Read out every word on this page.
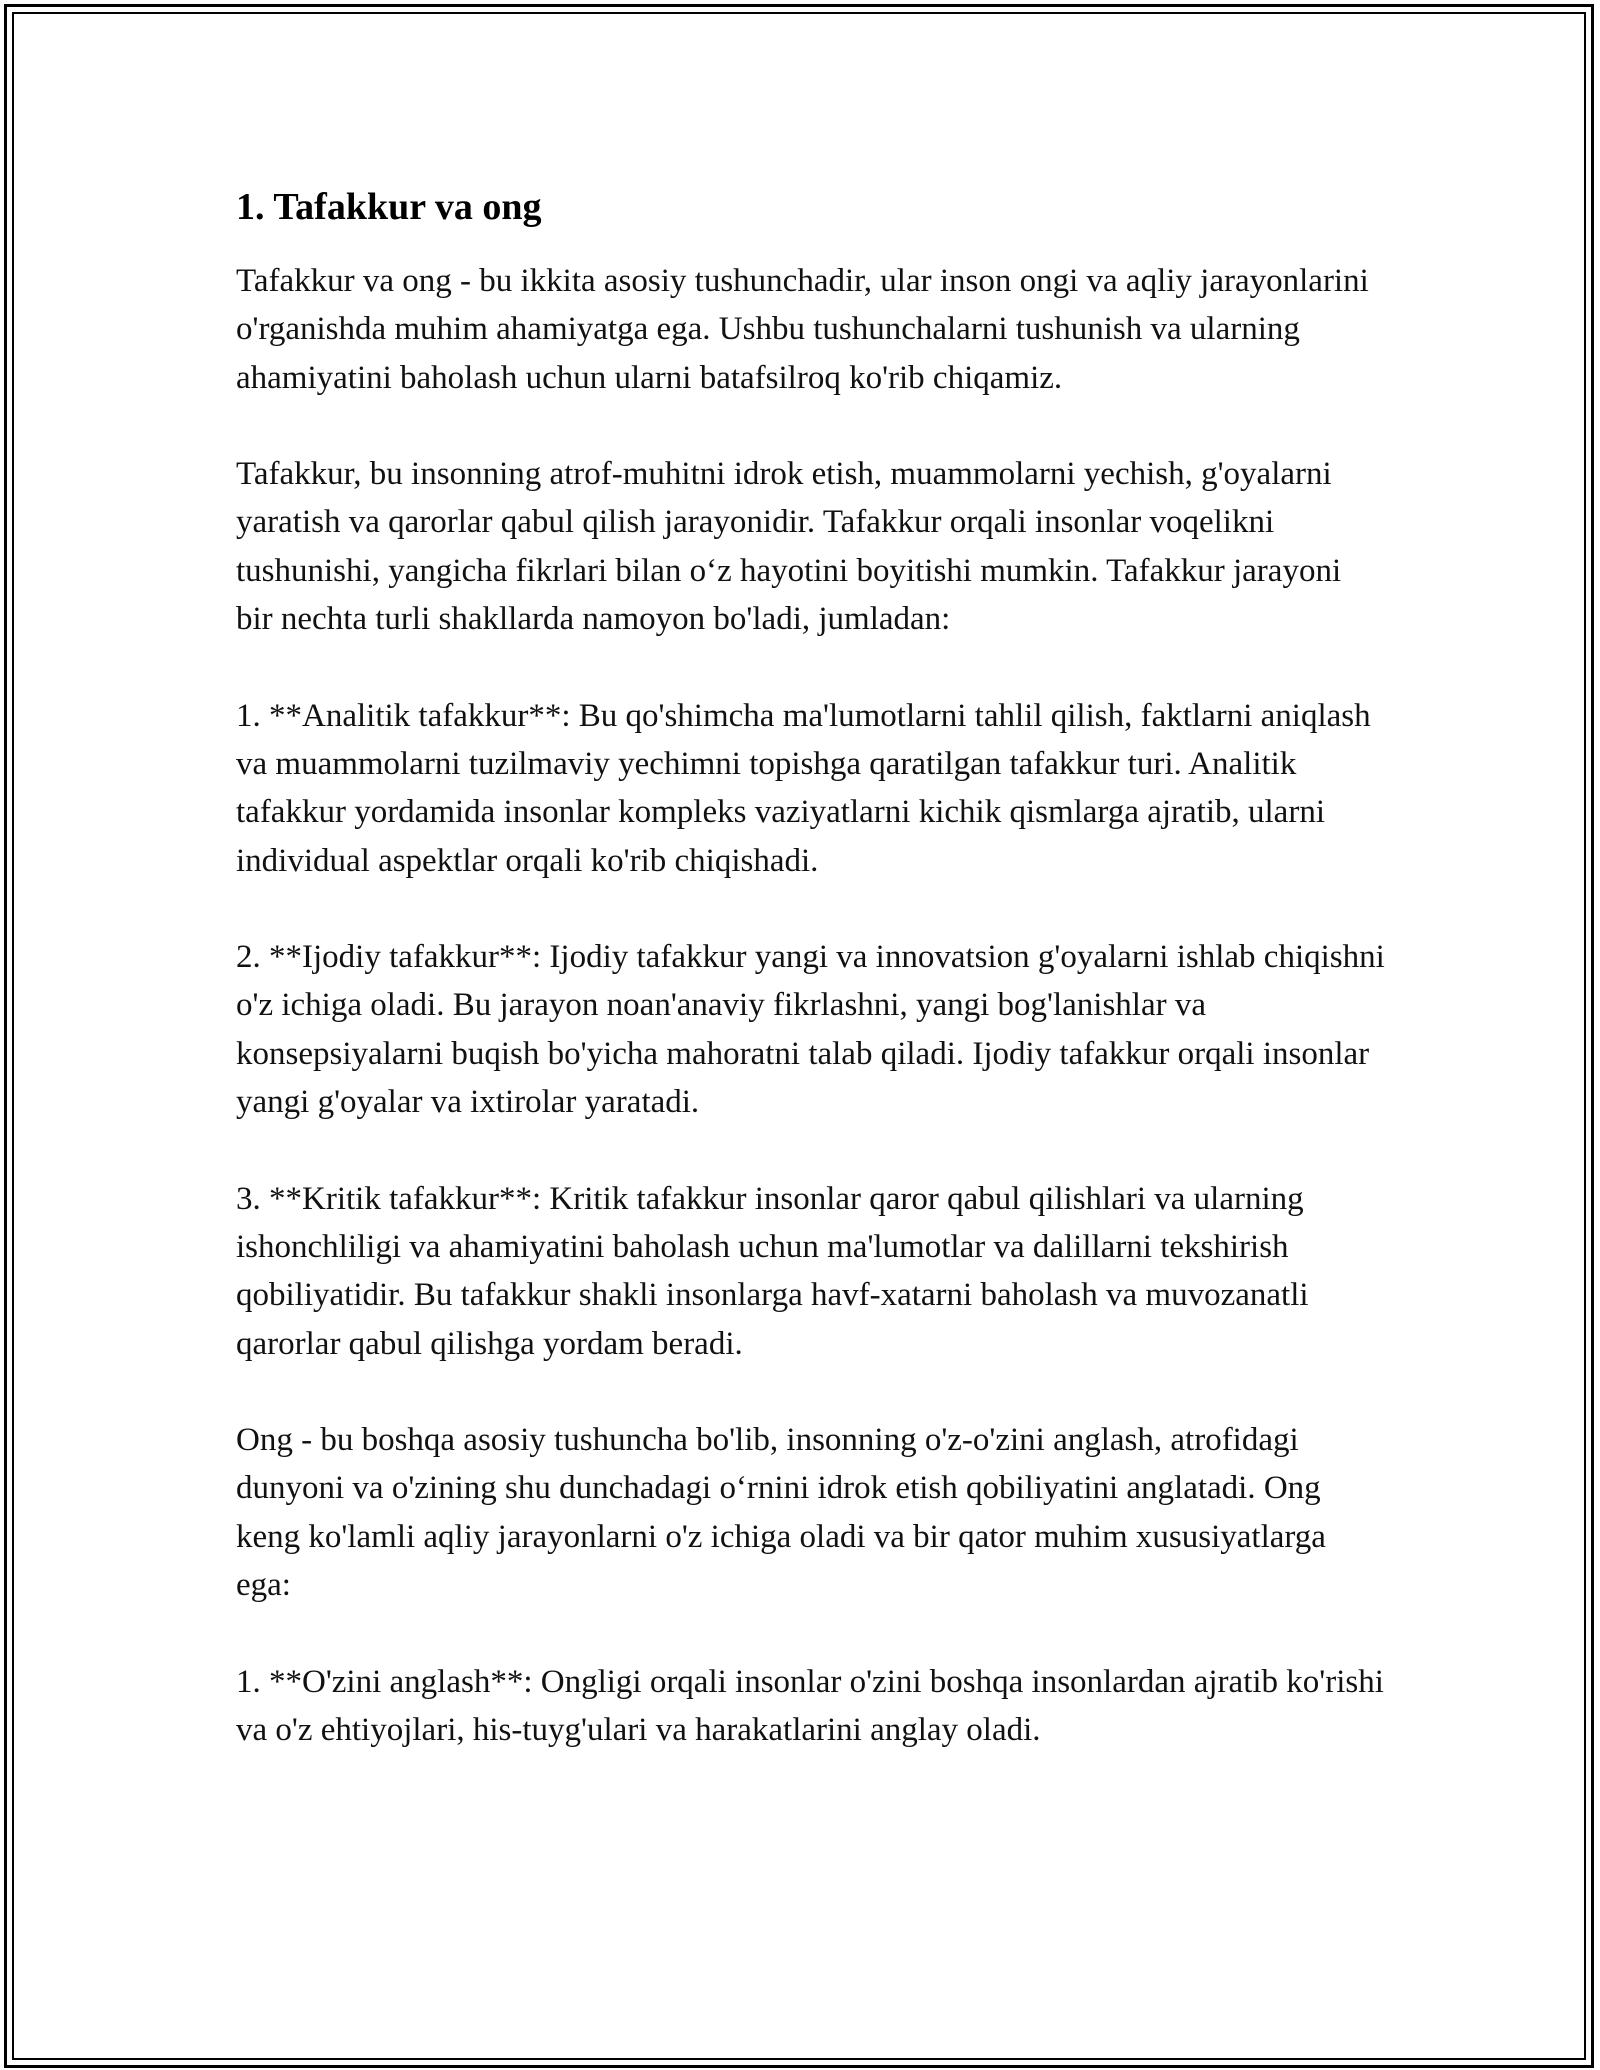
1. Tafakkur va ong

Tafakkur va ong - bu ikkita asosiy tushunchadir, ular inson ongi va aqliy jarayonlarini o'rganishda muhim ahamiyatga ega. Ushbu tushunchalarni tushunish va ularning ahamiyatini baholash uchun ularni batafsilroq ko'rib chiqamiz.

Tafakkur, bu insonning atrof-muhitni idrok etish, muammolarni yechish, g'oyalarni yaratish va qarorlar qabul qilish jarayonidir. Tafakkur orqali insonlar voqelikni tushunishi, yangicha fikrlari bilan o‘z hayotini boyitishi mumkin. Tafakkur jarayoni bir nechta turli shakllarda namoyon bo'ladi, jumladan:

1. **Analitik tafakkur**: Bu qo'shimcha ma'lumotlarni tahlil qilish, faktlarni aniqlash va muammolarni tuzilmaviy yechimni topishga qaratilgan tafakkur turi. Analitik tafakkur yordamida insonlar kompleks vaziyatlarni kichik qismlarga ajratib, ularni individual aspektlar orqali ko'rib chiqishadi.

2. **Ijodiy tafakkur**: Ijodiy tafakkur yangi va innovatsion g'oyalarni ishlab chiqishni o'z ichiga oladi. Bu jarayon noan'anaviy fikrlashni, yangi bog'lanishlar va konsepsiyalarni buqish bo'yicha mahoratni talab qiladi. Ijodiy tafakkur orqali insonlar yangi g'oyalar va ixtirolar yaratadi.

3. **Kritik tafakkur**: Kritik tafakkur insonlar qaror qabul qilishlari va ularning ishonchliligi va ahamiyatini baholash uchun ma'lumotlar va dalillarni tekshirish qobiliyatidir. Bu tafakkur shakli insonlarga havf-xatarni baholash va muvozanatli qarorlar qabul qilishga yordam beradi.

Ong - bu boshqa asosiy tushuncha bo'lib, insonning o'z-o'zini anglash, atrofidagi dunyoni va o'zining shu dunchadagi o‘rnini idrok etish qobiliyatini anglatadi. Ong keng ko'lamli aqliy jarayonlarni o'z ichiga oladi va bir qator muhim xususiyatlarga ega:

1. **O'zini anglash**: Ongligi orqali insonlar o'zini boshqa insonlardan ajratib ko'rishi va o'z ehtiyojlari, his-tuyg'ulari va harakatlarini anglay oladi.
